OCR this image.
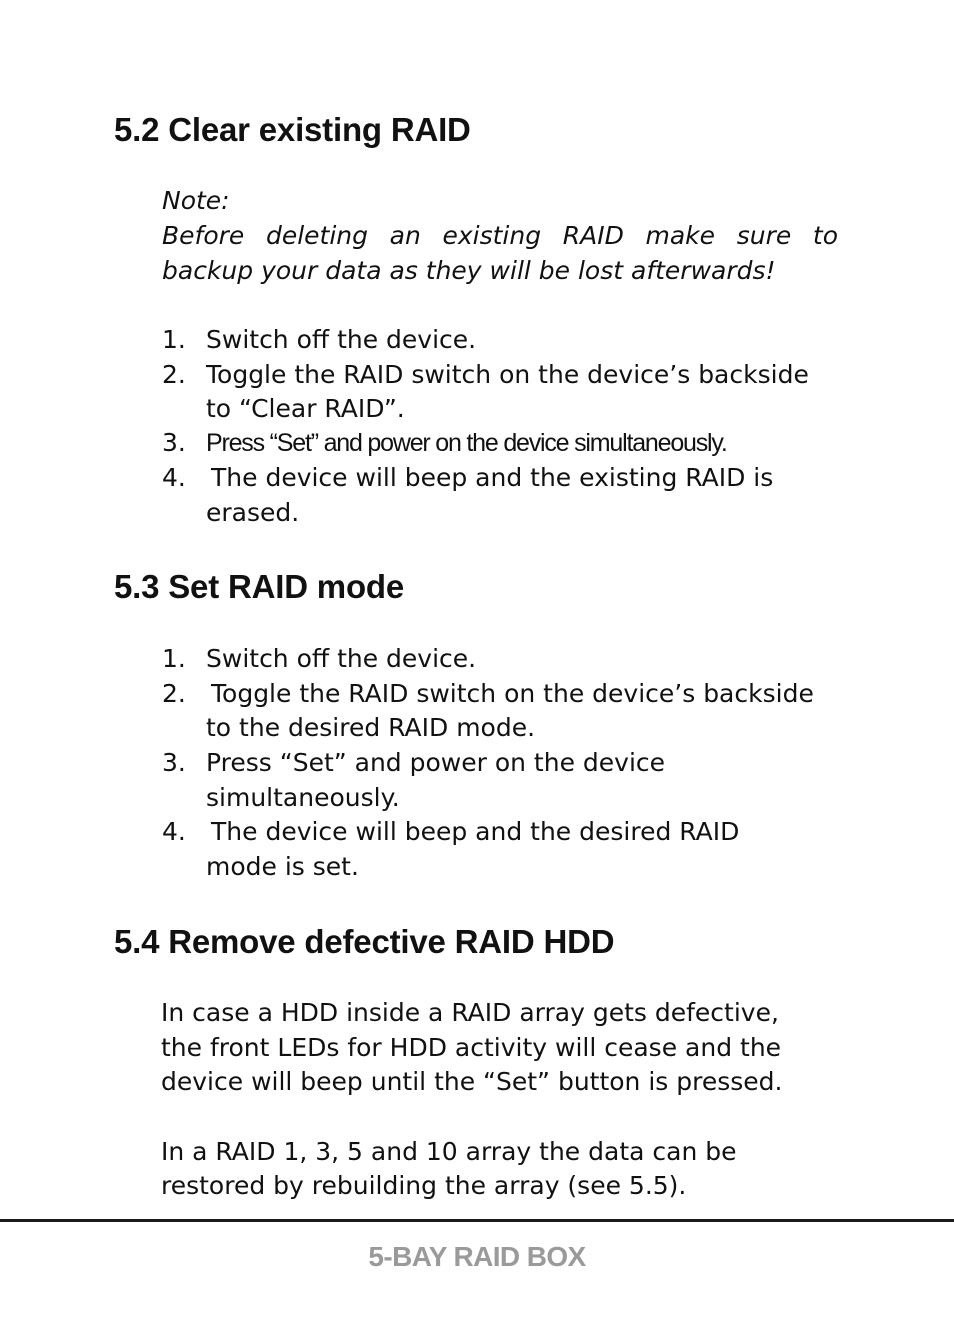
5.2 Clear existing RAID
Note:
Before deleting an existing RAID make sure to
backup your data as they will be lost afterwards!
1. Switch off the device.
2. Toggle the RAID switch on the device’s backside
to “Clear RAID”.
3. Press “Set” and power on the device simultaneously.
4. The device will beep and the existing RAID is
erased.
5.3 Set RAID mode
1. Switch off the device.
2. Toggle the RAID switch on the device’s backside
to the desired RAID mode.
3. Press “Set” and power on the device
simultaneously.
4. The device will beep and the desired RAID
mode is set.
5.4 Remove defective RAID HDD
In case a HDD inside a RAID array gets defective,
the front LEDs for HDD activity will cease and the
device will beep until the “Set” button is pressed.
In a RAID 1, 3, 5 and 10 array the data can be
restored by rebuilding the array (see 5.5).
5-BAY RAID BOX
